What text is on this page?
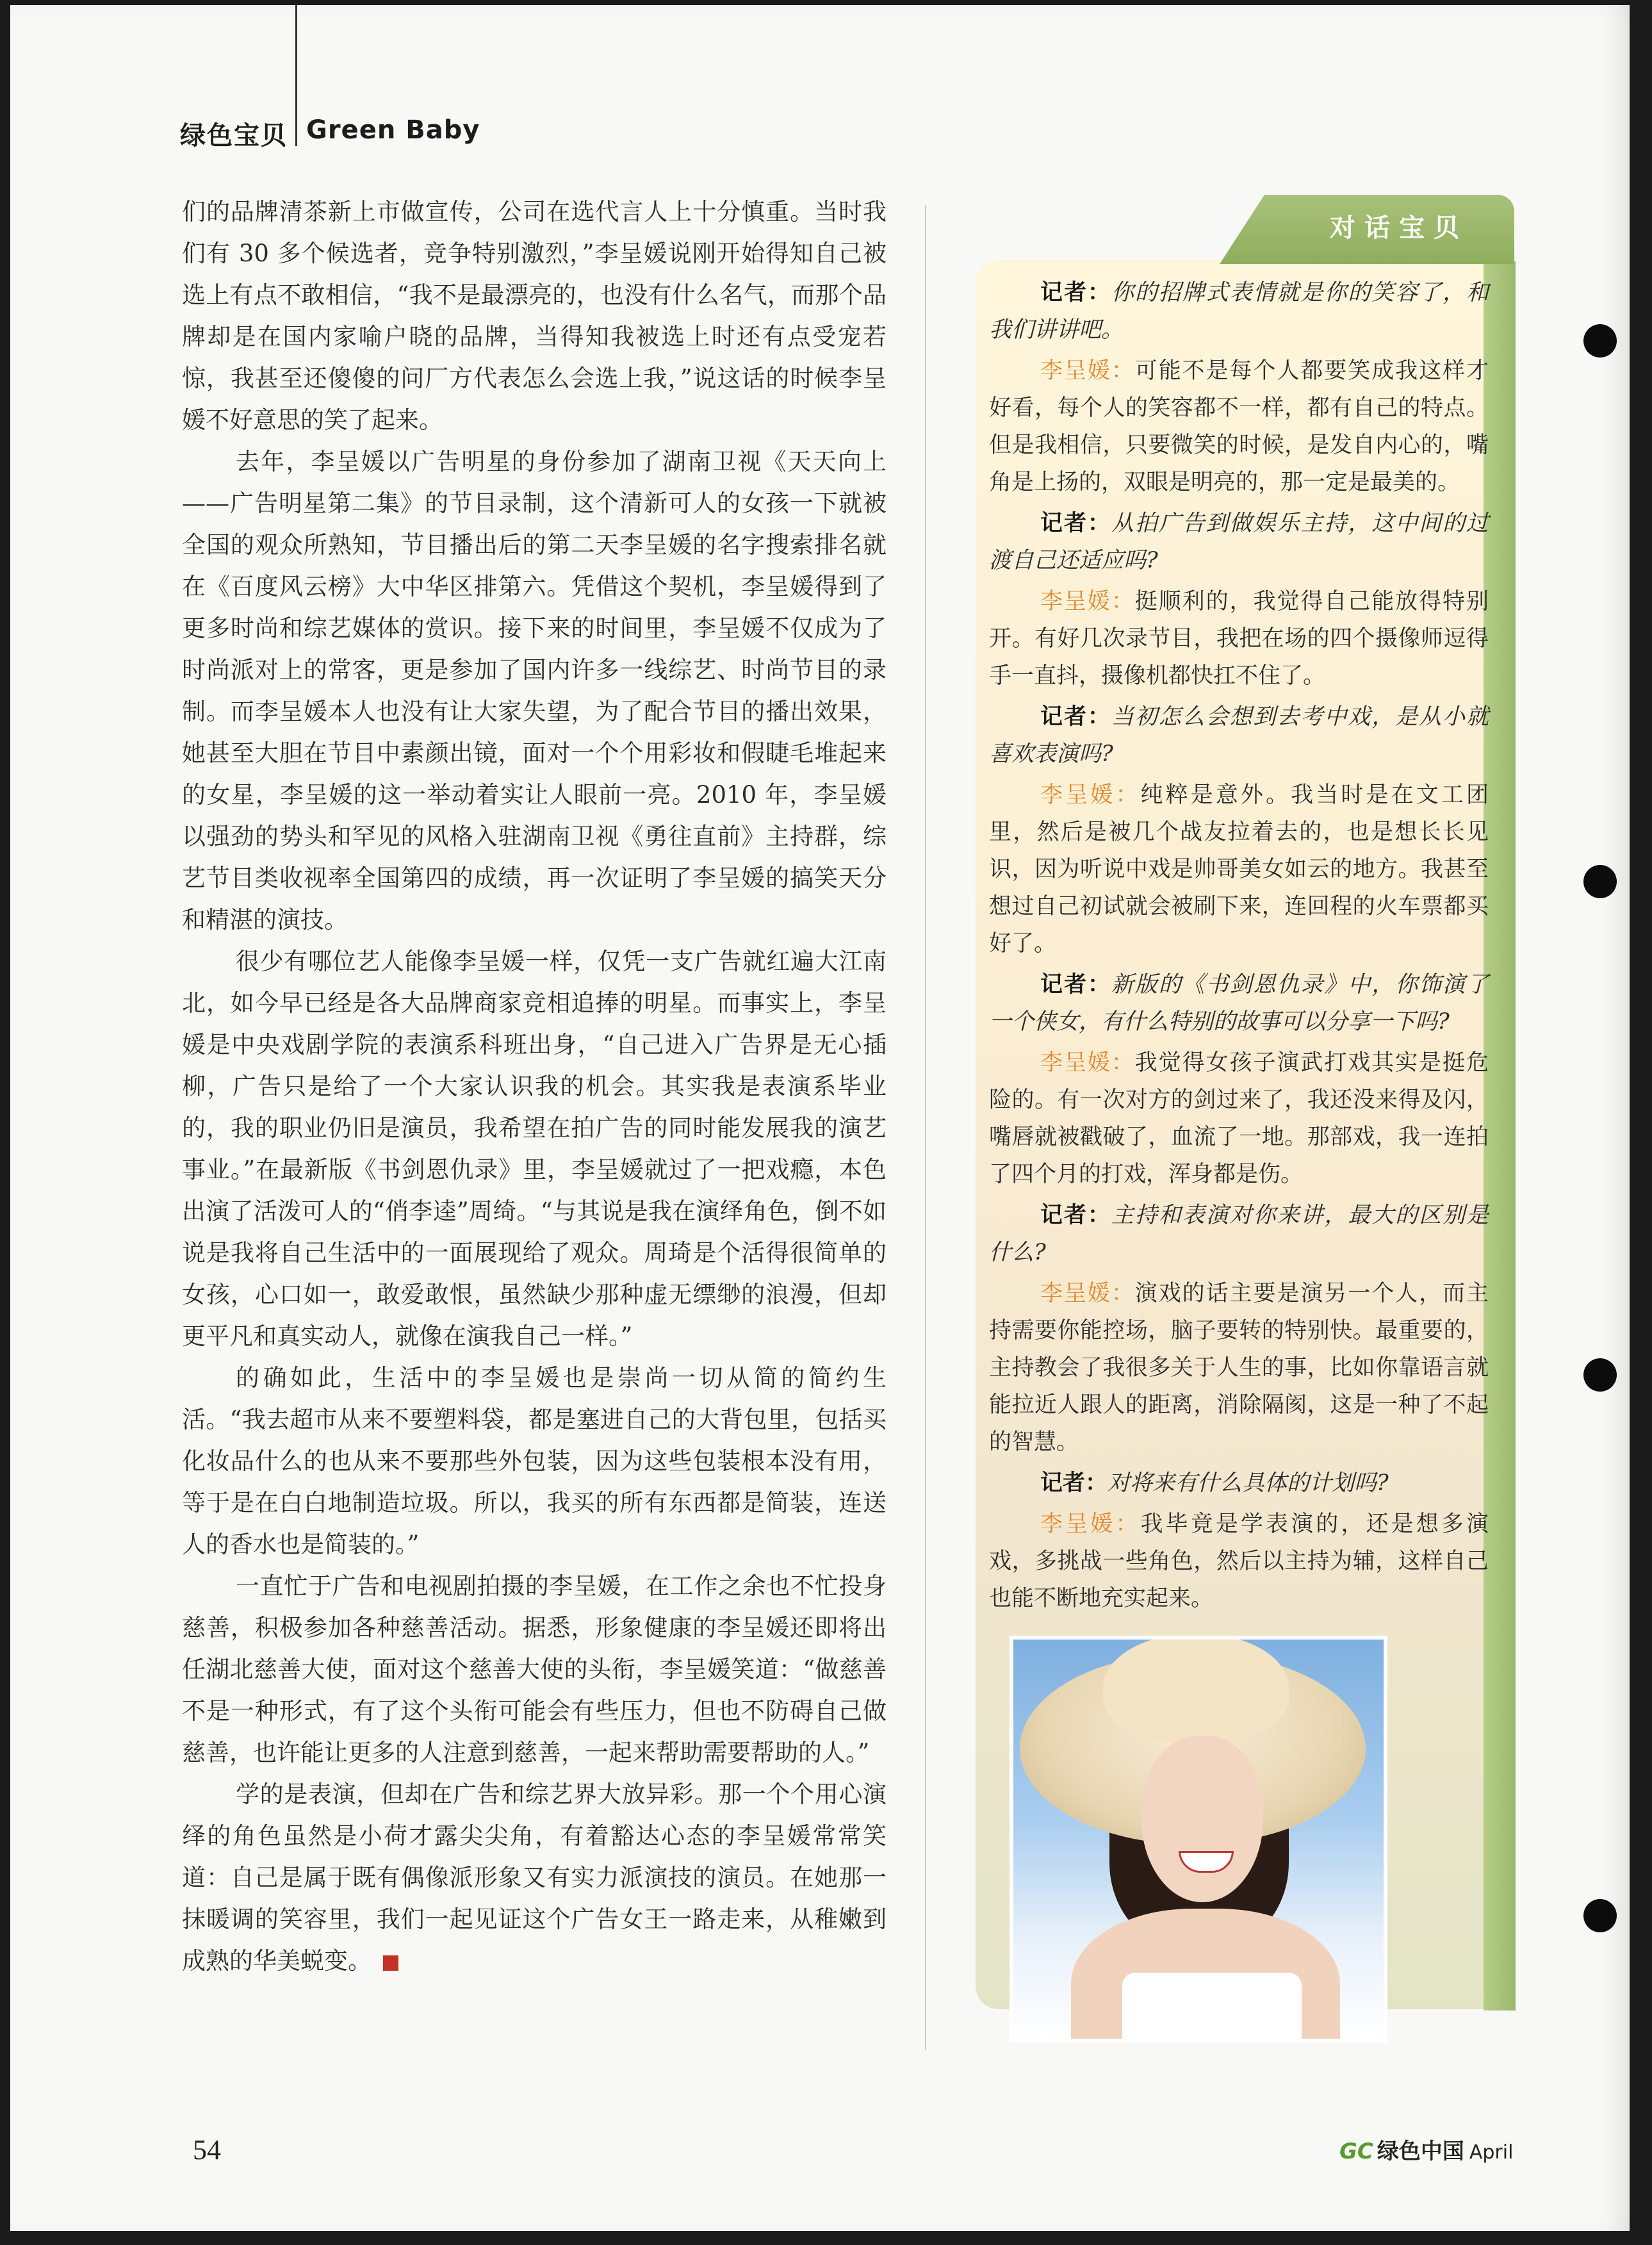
绿色宝贝 Green Baby

们的品牌清茶新上市做宣传，公司在选代言人上十分慎重。当时我们有 30 多个候选者，竞争特别激烈，”李呈媛说刚开始得知自己被选上有点不敢相信，“我不是最漂亮的，也没有什么名气，而那个品牌却是在国内家喻户晓的品牌，当得知我被选上时还有点受宠若惊，我甚至还傻傻的问厂方代表怎么会选上我，”说这话的时候李呈媛不好意思的笑了起来。

去年，李呈媛以广告明星的身份参加了湖南卫视《天天向上——广告明星第二集》的节目录制，这个清新可人的女孩一下就被全国的观众所熟知，节目播出后的第二天李呈媛的名字搜索排名就在《百度风云榜》大中华区排第六。凭借这个契机，李呈媛得到了更多时尚和综艺媒体的赏识。接下来的时间里，李呈媛不仅成为了时尚派对上的常客，更是参加了国内许多一线综艺、时尚节目的录制。而李呈媛本人也没有让大家失望，为了配合节目的播出效果，她甚至大胆在节目中素颜出镜，面对一个个用彩妆和假睫毛堆起来的女星，李呈媛的这一举动着实让人眼前一亮。2010 年，李呈媛以强劲的势头和罕见的风格入驻湖南卫视《勇往直前》主持群，综艺节目类收视率全国第四的成绩，再一次证明了李呈媛的搞笑天分和精湛的演技。

很少有哪位艺人能像李呈媛一样，仅凭一支广告就红遍大江南北，如今早已经是各大品牌商家竞相追捧的明星。而事实上，李呈媛是中央戏剧学院的表演系科班出身，“自己进入广告界是无心插柳，广告只是给了一个大家认识我的机会。其实我是表演系毕业的，我的职业仍旧是演员，我希望在拍广告的同时能发展我的演艺事业。”在最新版《书剑恩仇录》里，李呈媛就过了一把戏瘾，本色出演了活泼可人的“俏李逵”周绮。“与其说是我在演绎角色，倒不如说是我将自己生活中的一面展现给了观众。周琦是个活得很简单的女孩，心口如一，敢爱敢恨，虽然缺少那种虚无缥缈的浪漫，但却更平凡和真实动人，就像在演我自己一样。”

的确如此，生活中的李呈媛也是崇尚一切从简的简约生活。“我去超市从来不要塑料袋，都是塞进自己的大背包里，包括买化妆品什么的也从来不要那些外包装，因为这些包装根本没有用，等于是在白白地制造垃圾。所以，我买的所有东西都是简装，连送人的香水也是简装的。”

一直忙于广告和电视剧拍摄的李呈媛，在工作之余也不忙投身慈善，积极参加各种慈善活动。据悉，形象健康的李呈媛还即将出任湖北慈善大使，面对这个慈善大使的头衔，李呈媛笑道：“做慈善不是一种形式，有了这个头衔可能会有些压力，但也不防碍自己做慈善，也许能让更多的人注意到慈善，一起来帮助需要帮助的人。”

学的是表演，但却在广告和综艺界大放异彩。那一个个用心演绎的角色虽然是小荷才露尖尖角，有着豁达心态的李呈媛常常笑道：自己是属于既有偶像派形象又有实力派演技的演员。在她那一抹暖调的笑容里，我们一起见证这个广告女王一路走来，从稚嫩到成熟的华美蜕变。

对话宝贝

记者：你的招牌式表情就是你的笑容了，和我们讲讲吧。

李呈媛：可能不是每个人都要笑成我这样才好看，每个人的笑容都不一样，都有自己的特点。但是我相信，只要微笑的时候，是发自内心的，嘴角是上扬的，双眼是明亮的，那一定是最美的。

记者：从拍广告到做娱乐主持，这中间的过渡自己还适应吗?

李呈媛：挺顺利的，我觉得自己能放得特别开。有好几次录节目，我把在场的四个摄像师逗得手一直抖，摄像机都快扛不住了。

记者：当初怎么会想到去考中戏，是从小就喜欢表演吗?

李呈媛：纯粹是意外。我当时是在文工团里，然后是被几个战友拉着去的，也是想长长见识，因为听说中戏是帅哥美女如云的地方。我甚至想过自己初试就会被刷下来，连回程的火车票都买好了。

记者：新版的《书剑恩仇录》中，你饰演了一个侠女，有什么特别的故事可以分享一下吗?

李呈媛：我觉得女孩子演武打戏其实是挺危险的。有一次对方的剑过来了，我还没来得及闪，嘴唇就被戳破了，血流了一地。那部戏，我一连拍了四个月的打戏，浑身都是伤。

记者：主持和表演对你来讲，最大的区别是什么?

李呈媛：演戏的话主要是演另一个人，而主持需要你能控场，脑子要转的特别快。最重要的，主持教会了我很多关于人生的事，比如你靠语言就能拉近人跟人的距离，消除隔阂，这是一种了不起的智慧。

记者：对将来有什么具体的计划吗?

李呈媛：我毕竟是学表演的，还是想多演戏，多挑战一些角色，然后以主持为辅，这样自己也能不断地充实起来。

54	GC 绿色中国 April
